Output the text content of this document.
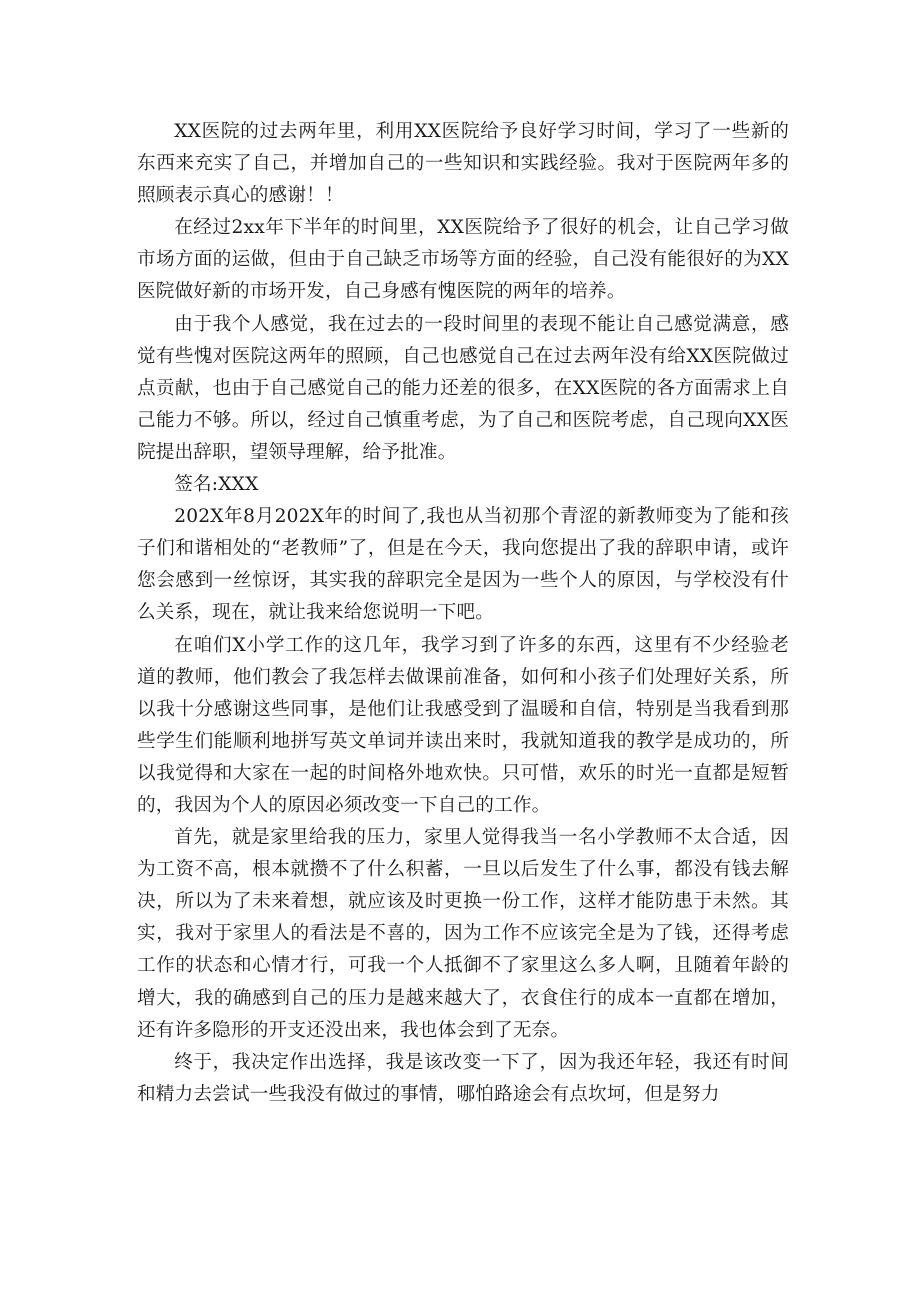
XX医院的过去两年里，利用XX医院给予良好学习时间，学习了一些新的东西来充实了自己，并增加自己的一些知识和实践经验。我对于医院两年多的照顾表示真心的感谢！！

在经过2xx年下半年的时间里，XX医院给予了很好的机会，让自己学习做市场方面的运做，但由于自己缺乏市场等方面的经验，自己没有能很好的为XX医院做好新的市场开发，自己身感有愧医院的两年的培养。

由于我个人感觉，我在过去的一段时间里的表现不能让自己感觉满意，感觉有些愧对医院这两年的照顾，自己也感觉自己在过去两年没有给XX医院做过点贡献，也由于自己感觉自己的能力还差的很多，在XX医院的各方面需求上自己能力不够。所以，经过自己慎重考虑，为了自己和医院考虑，自己现向XX医院提出辞职，望领导理解，给予批准。

签名:XXX

202X年8月202X年的时间了,我也从当初那个青涩的新教师变为了能和孩子们和谐相处的“老教师”了，但是在今天，我向您提出了我的辞职申请，或许您会感到一丝惊讶，其实我的辞职完全是因为一些个人的原因，与学校没有什么关系，现在，就让我来给您说明一下吧。

在咱们X小学工作的这几年，我学习到了许多的东西，这里有不少经验老道的教师，他们教会了我怎样去做课前准备，如何和小孩子们处理好关系，所以我十分感谢这些同事，是他们让我感受到了温暖和自信，特别是当我看到那些学生们能顺利地拼写英文单词并读出来时，我就知道我的教学是成功的，所以我觉得和大家在一起的时间格外地欢快。只可惜，欢乐的时光一直都是短暂的，我因为个人的原因必须改变一下自己的工作。

首先，就是家里给我的压力，家里人觉得我当一名小学教师不太合适，因为工资不高，根本就攒不了什么积蓄，一旦以后发生了什么事，都没有钱去解决，所以为了未来着想，就应该及时更换一份工作，这样才能防患于未然。其实，我对于家里人的看法是不喜的，因为工作不应该完全是为了钱，还得考虑工作的状态和心情才行，可我一个人抵御不了家里这么多人啊，且随着年龄的增大，我的确感到自己的压力是越来越大了，衣食住行的成本一直都在增加，还有许多隐形的开支还没出来，我也体会到了无奈。

终于，我决定作出选择，我是该改变一下了，因为我还年轻，我还有时间和精力去尝试一些我没有做过的事情，哪怕路途会有点坎坷，但是努力
